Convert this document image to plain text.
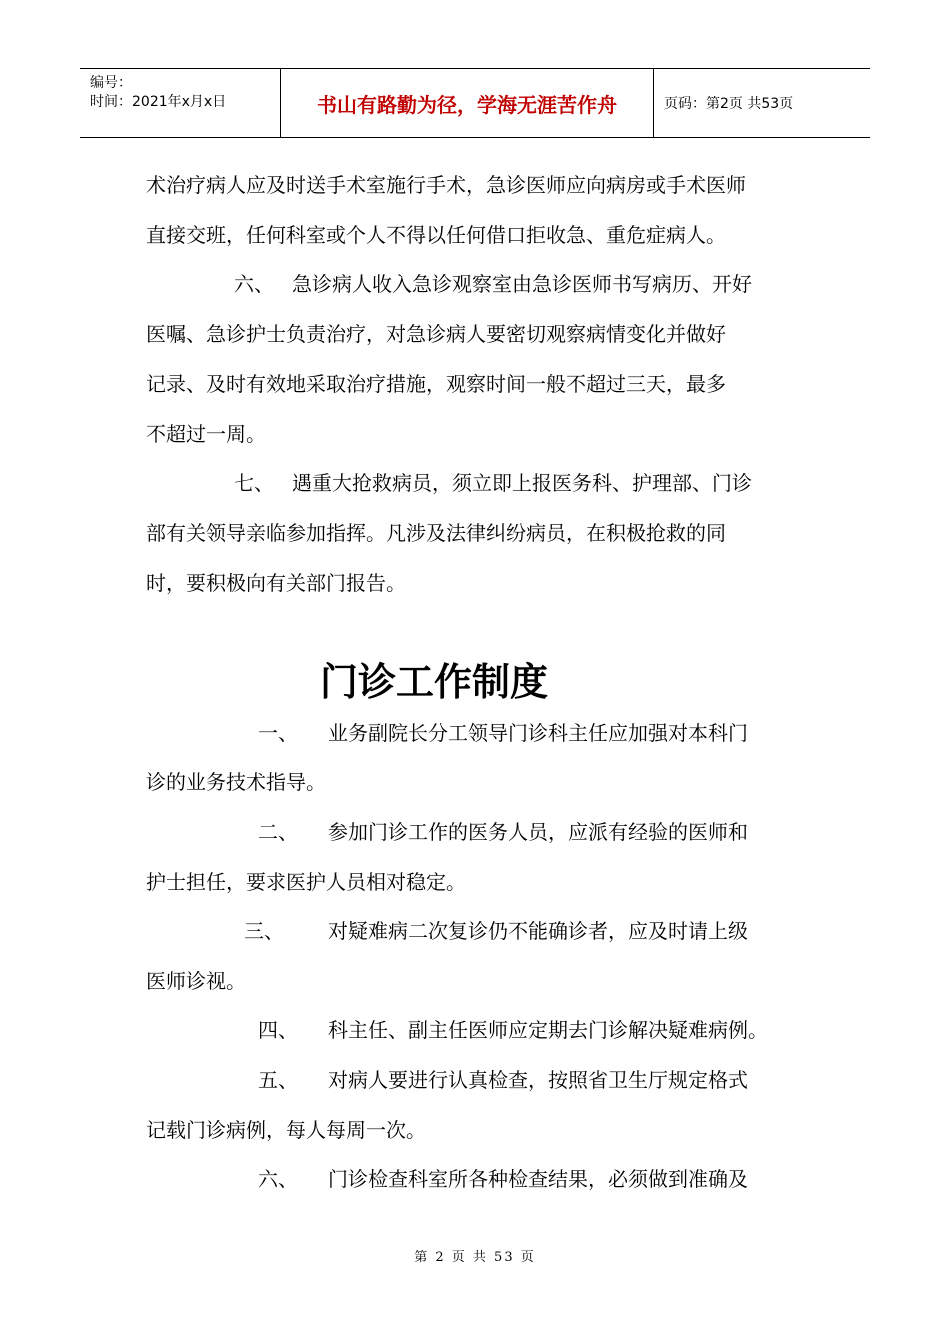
编号：
时间：2021年x月x日	书山有路勤为径，学海无涯苦作舟	页码：第2页 共53页
术治疗病人应及时送手术室施行手术，急诊医师应向病房或手术医师
直接交班，任何科室或个人不得以任何借口拒收急、重危症病人。
六、 急诊病人收入急诊观察室由急诊医师书写病历、开好
医嘱、急诊护士负责治疗，对急诊病人要密切观察病情变化并做好
记录、及时有效地采取治疗措施，观察时间一般不超过三天，最多
不超过一周。
七、 遇重大抢救病员，须立即上报医务科、护理部、门诊
部有关领导亲临参加指挥。凡涉及法律纠纷病员，在积极抢救的同
时，要积极向有关部门报告。
门诊工作制度
一、 业务副院长分工领导门诊科主任应加强对本科门
诊的业务技术指导。
二、 参加门诊工作的医务人员，应派有经验的医师和
护士担任，要求医护人员相对稳定。
三、 对疑难病二次复诊仍不能确诊者，应及时请上级
医师诊视。
四、 科主任、副主任医师应定期去门诊解决疑难病例。
五、 对病人要进行认真检查，按照省卫生厅规定格式
记载门诊病例，每人每周一次。
六、 门诊检查科室所各种检查结果，必须做到准确及
第 2 页 共 53 页
